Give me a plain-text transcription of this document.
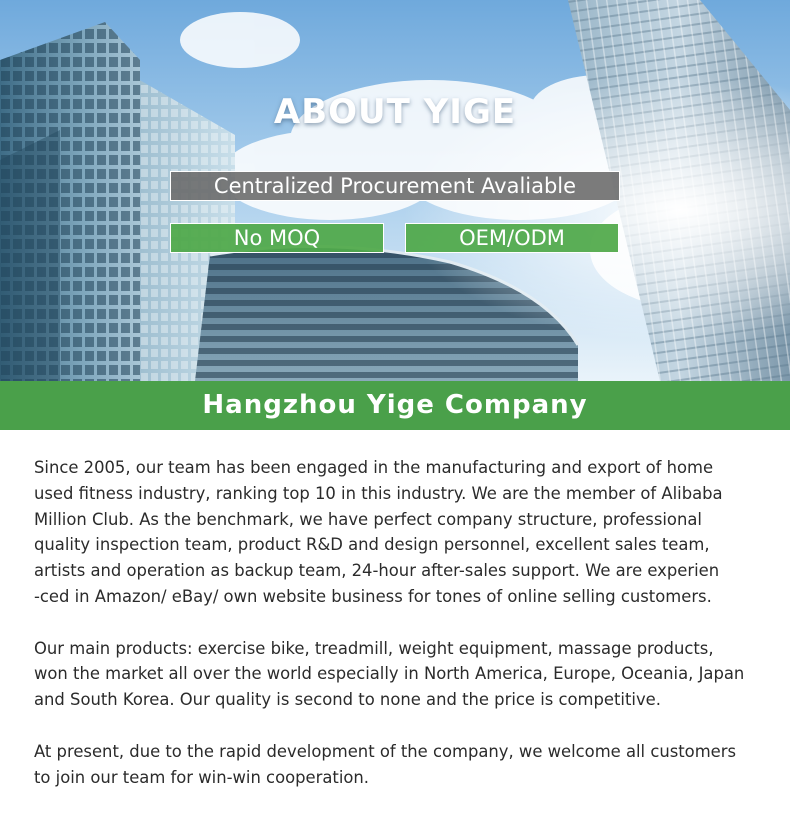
ABOUT YIGE
Centralized Procurement Avaliable
No MOQ	OEM/ODM
Hangzhou Yige Company

Since 2005, our team has been engaged in the manufacturing and export of home
used fitness industry, ranking top 10 in this industry. We are the member of Alibaba
Million Club. As the benchmark, we have perfect company structure, professional
quality inspection team, product R&D and design personnel, excellent sales team,
artists and operation as backup team, 24-hour after-sales support. We are experien
-ced in Amazon/ eBay/ own website business for tones of online selling customers.

Our main products: exercise bike, treadmill, weight equipment, massage products,
won the market all over the world especially in North America, Europe, Oceania, Japan
and South Korea. Our quality is second to none and the price is competitive.

At present, due to the rapid development of the company, we welcome all customers
to join our team for win-win cooperation.
